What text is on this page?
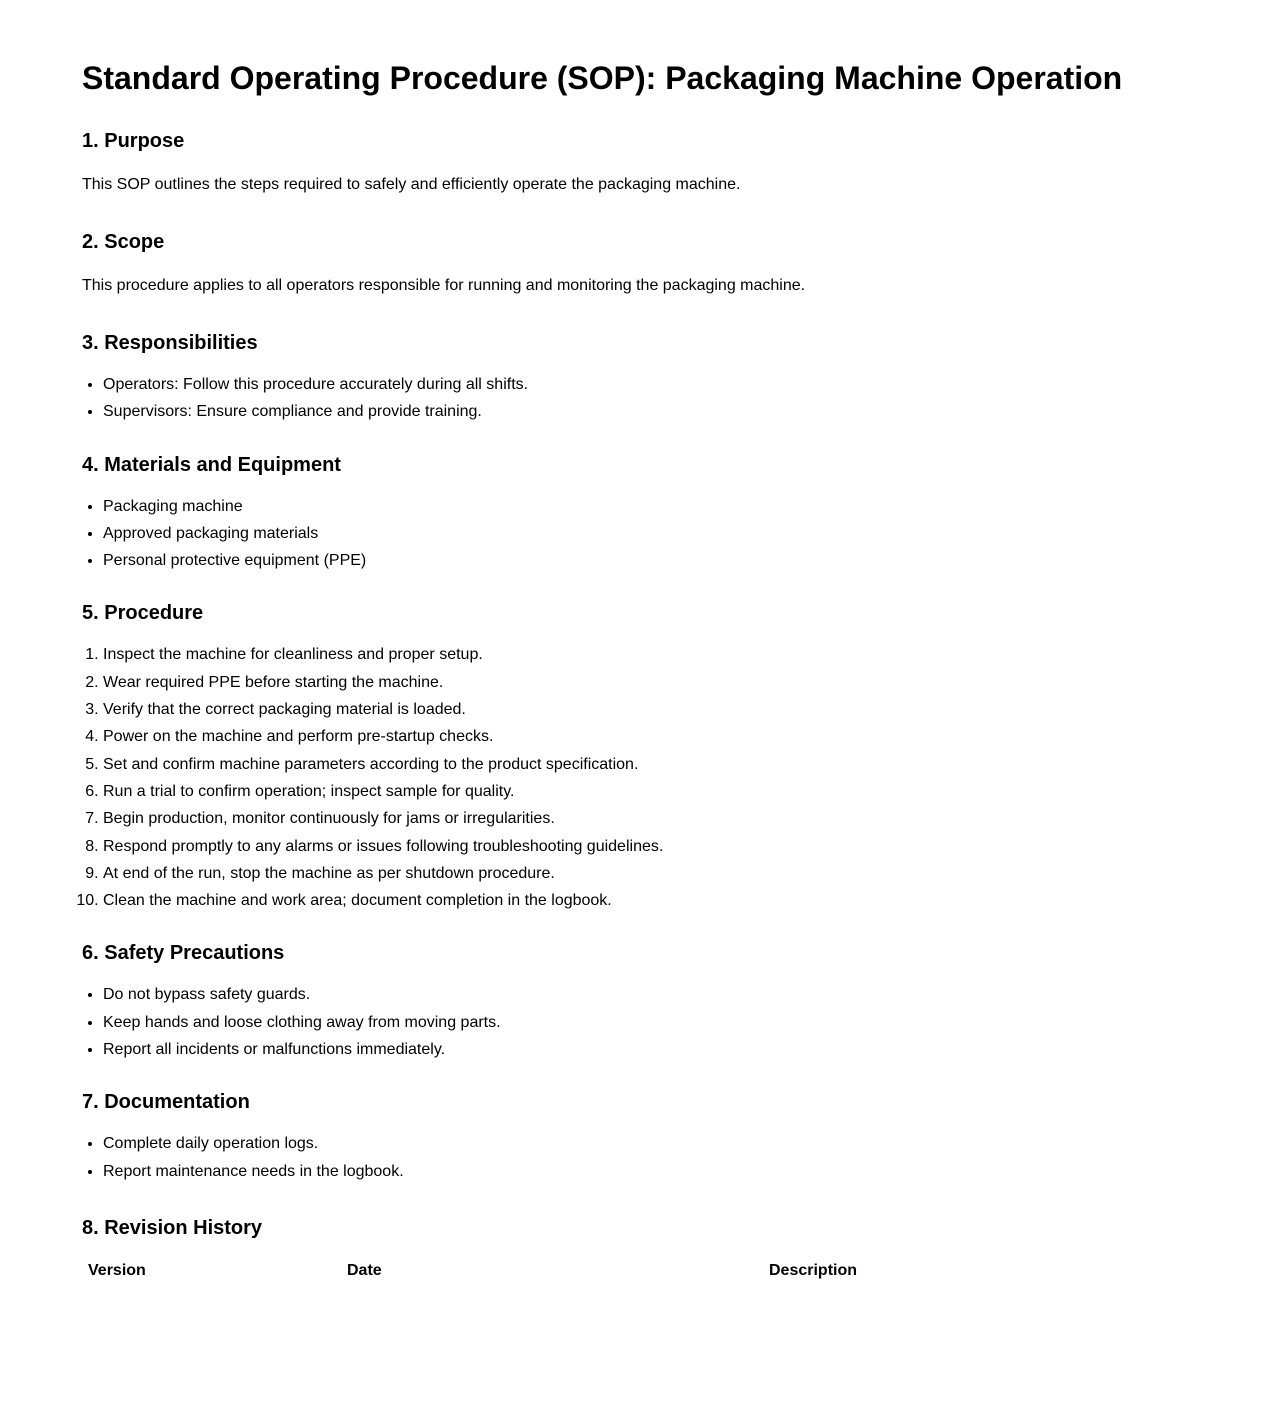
Standard Operating Procedure (SOP): Packaging Machine Operation
1. Purpose

This SOP outlines the steps required to safely and efficiently operate the packaging machine.

2. Scope

This procedure applies to all operators responsible for running and monitoring the packaging machine.

3. Responsibilities
• Operators: Follow this procedure accurately during all shifts.
• Supervisors: Ensure compliance and provide training.
4. Materials and Equipment
• Packaging machine
• Approved packaging materials
• Personal protective equipment (PPE)
5. Procedure
1. Inspect the machine for cleanliness and proper setup.
2. Wear required PPE before starting the machine.
3. Verify that the correct packaging material is loaded.
4. Power on the machine and perform pre-startup checks.
5. Set and confirm machine parameters according to the product specification.
6. Run a trial to confirm operation; inspect sample for quality.
7. Begin production, monitor continuously for jams or irregularities.
8. Respond promptly to any alarms or issues following troubleshooting guidelines.
9. At end of the run, stop the machine as per shutdown procedure.
10. Clean the machine and work area; document completion in the logbook.
6. Safety Precautions
• Do not bypass safety guards.
• Keep hands and loose clothing away from moving parts.
• Report all incidents or malfunctions immediately.
7. Documentation
• Complete daily operation logs.
• Report maintenance needs in the logbook.
8. Revision History
Version	Date	Description
